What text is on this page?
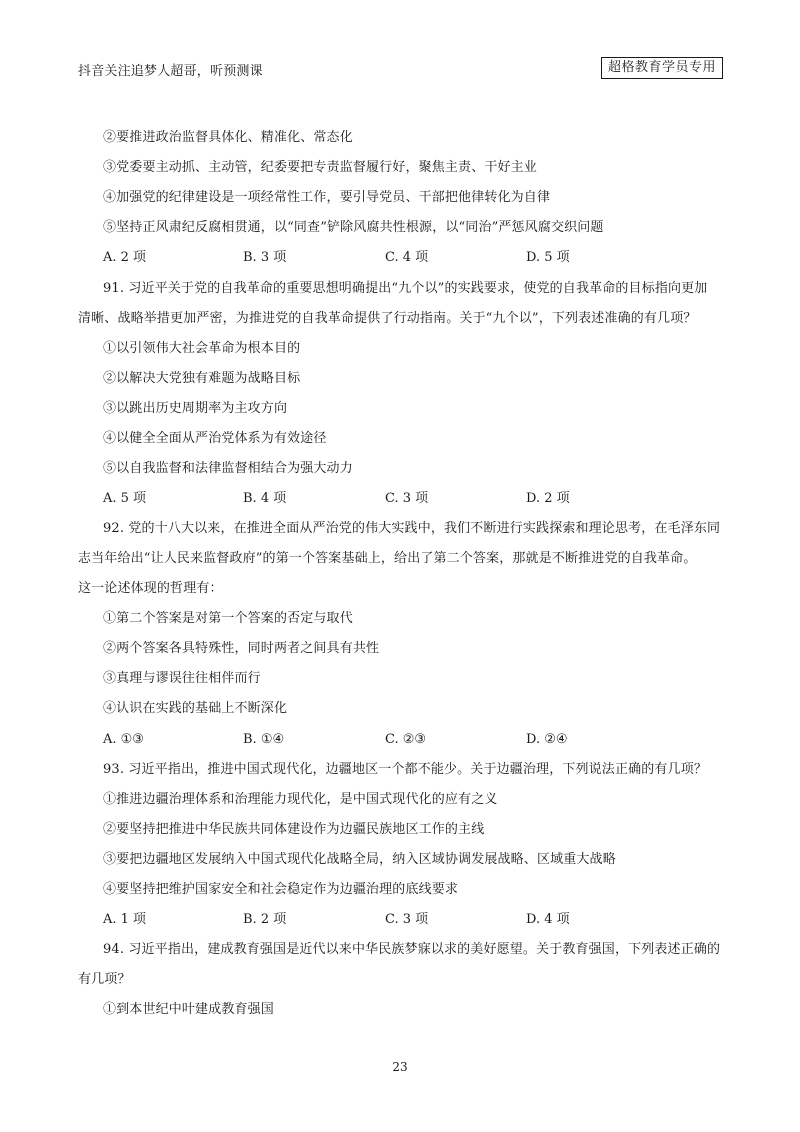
抖音关注追梦人超哥，听预测课	超格教育学员专用
②要推进政治监督具体化、精准化、常态化
③党委要主动抓、主动管，纪委要把专责监督履行好，聚焦主责、干好主业
④加强党的纪律建设是一项经常性工作，要引导党员、干部把他律转化为自律
⑤坚持正风肃纪反腐相贯通，以“同查”铲除风腐共性根源，以“同治”严惩风腐交织问题
A. 2 项	B. 3 项	C. 4 项	D. 5 项
91. 习近平关于党的自我革命的重要思想明确提出“九个以”的实践要求，使党的自我革命的目标指向更加
清晰、战略举措更加严密，为推进党的自我革命提供了行动指南。关于“九个以”，下列表述准确的有几项？
①以引领伟大社会革命为根本目的
②以解决大党独有难题为战略目标
③以跳出历史周期率为主攻方向
④以健全全面从严治党体系为有效途径
⑤以自我监督和法律监督相结合为强大动力
A. 5 项	B. 4 项	C. 3 项	D. 2 项
92. 党的十八大以来，在推进全面从严治党的伟大实践中，我们不断进行实践探索和理论思考，在毛泽东同
志当年给出“让人民来监督政府”的第一个答案基础上，给出了第二个答案，那就是不断推进党的自我革命。
这一论述体现的哲理有：
①第二个答案是对第一个答案的否定与取代
②两个答案各具特殊性，同时两者之间具有共性
③真理与谬误往往相伴而行
④认识在实践的基础上不断深化
A. ①③	B. ①④	C. ②③	D. ②④
93. 习近平指出，推进中国式现代化，边疆地区一个都不能少。关于边疆治理，下列说法正确的有几项？
①推进边疆治理体系和治理能力现代化，是中国式现代化的应有之义
②要坚持把推进中华民族共同体建设作为边疆民族地区工作的主线
③要把边疆地区发展纳入中国式现代化战略全局，纳入区域协调发展战略、区域重大战略
④要坚持把维护国家安全和社会稳定作为边疆治理的底线要求
A. 1 项	B. 2 项	C. 3 项	D. 4 项
94. 习近平指出，建成教育强国是近代以来中华民族梦寐以求的美好愿望。关于教育强国，下列表述正确的
有几项？
①到本世纪中叶建成教育强国
23
